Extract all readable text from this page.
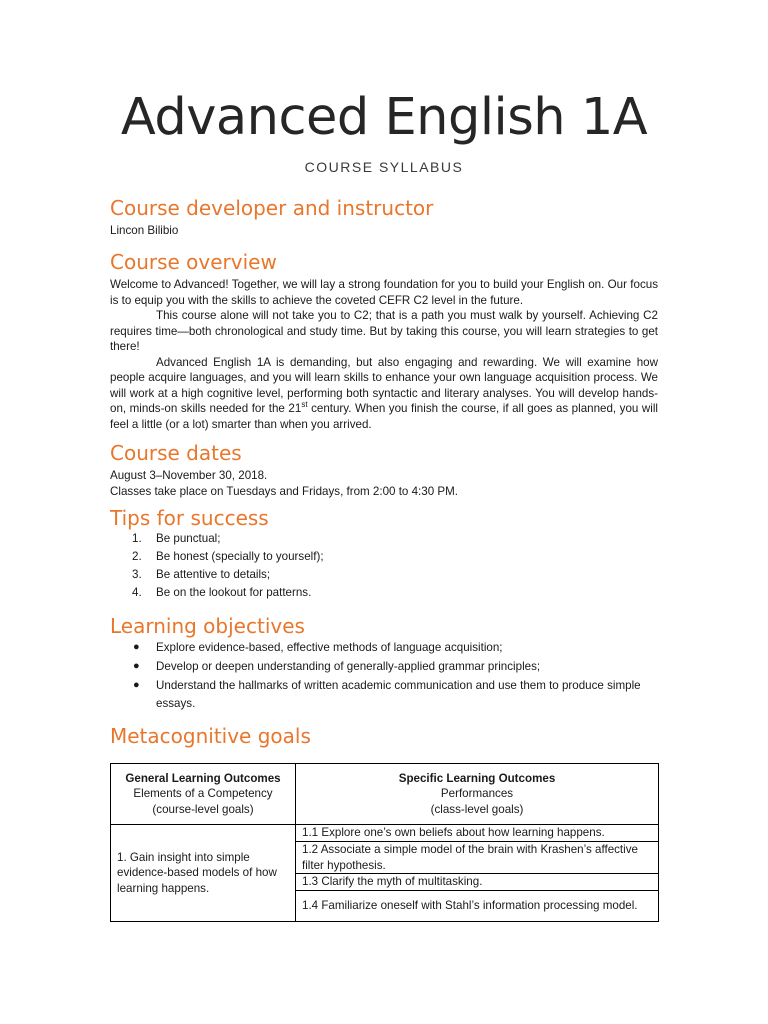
Advanced English 1A
COURSE SYLLABUS
Course developer and instructor
Lincon Bilibio
Course overview

Welcome to Advanced! Together, we will lay a strong foundation for you to build your English on. Our focus is to equip you with the skills to achieve the coveted CEFR C2 level in the future.

This course alone will not take you to C2; that is a path you must walk by yourself. Achieving C2 requires time—both chronological and study time. But by taking this course, you will learn strategies to get there!

Advanced English 1A is demanding, but also engaging and rewarding. We will examine how people acquire languages, and you will learn skills to enhance your own language acquisition process. We will work at a high cognitive level, performing both syntactic and literary analyses. You will develop hands-on, minds-on skills needed for the 21st century. When you finish the course, if all goes as planned, you will feel a little (or a lot) smarter than when you arrived.

Course dates

August 3–November 30, 2018.

Classes take place on Tuesdays and Fridays, from 2:00 to 4:30 PM.

Tips for success
1. Be punctual;
2. Be honest (specially to yourself);
3. Be attentive to details;
4. Be on the lookout for patterns.
Learning objectives
● Explore evidence-based, effective methods of language acquisition;
● Develop or deepen understanding of generally-applied grammar principles;
● Understand the hallmarks of written academic communication and use them to produce simple essays.
Metacognitive goals
General Learning Outcomes
Elements of a Competency
(course-level goals)	Specific Learning Outcomes
Performances
(class-level goals)
1. Gain insight into simple evidence-based models of how learning happens.	1.1 Explore one’s own beliefs about how learning happens.
	1.2 Associate a simple model of the brain with Krashen’s affective filter hypothesis.
	1.3 Clarify the myth of multitasking.
	1.4 Familiarize oneself with Stahl’s information processing model.
